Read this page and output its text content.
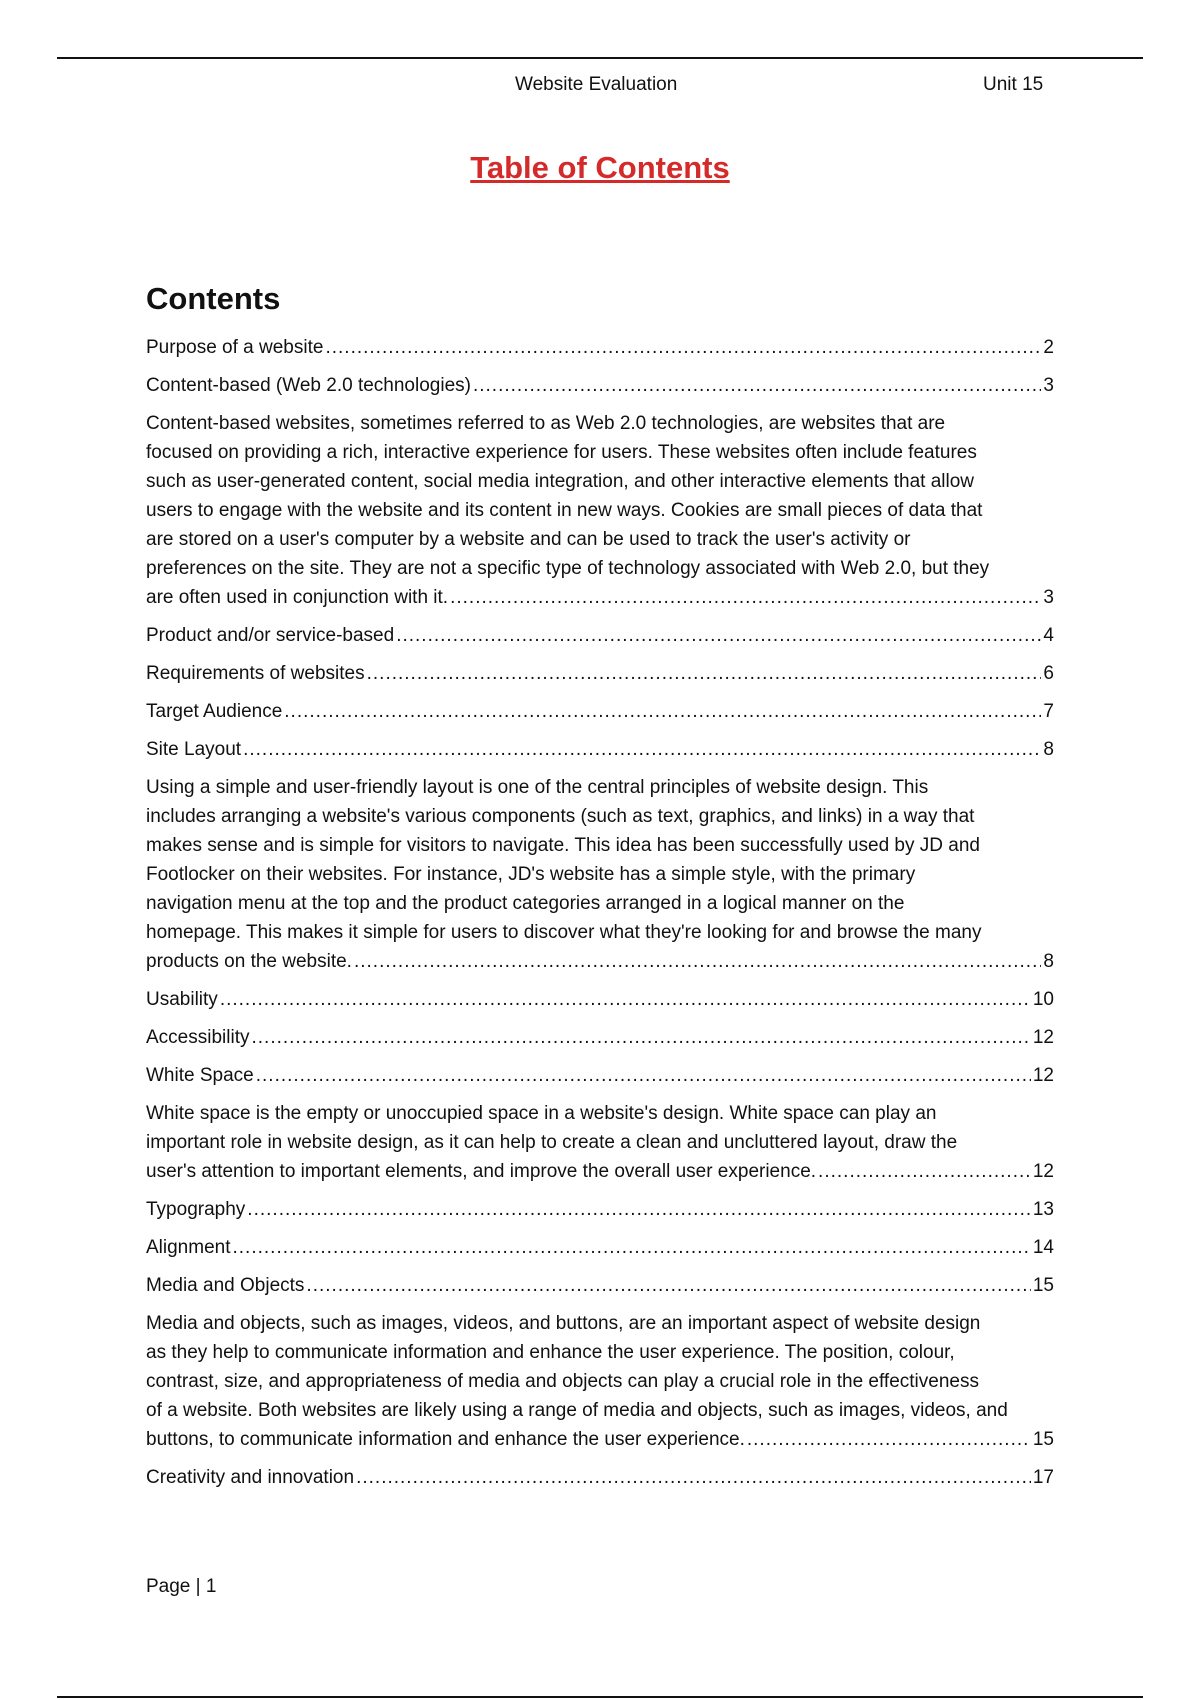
Website Evaluation	Unit 15
Table of Contents
Contents
Purpose of a website .....	2
Content-based (Web 2.0 technologies) .....	3
Content-based websites, sometimes referred to as Web 2.0 technologies, are websites that are
focused on providing a rich, interactive experience for users. These websites often include features
such as user-generated content, social media integration, and other interactive elements that allow
users to engage with the website and its content in new ways. Cookies are small pieces of data that
are stored on a user's computer by a website and can be used to track the user's activity or
preferences on the site. They are not a specific type of technology associated with Web 2.0, but they
are often used in conjunction with it. .....	3
Product and/or service-based .....	4
Requirements of websites .....	6
Target Audience .....	7
Site Layout .....	8
Using a simple and user-friendly layout is one of the central principles of website design. This
includes arranging a website's various components (such as text, graphics, and links) in a way that
makes sense and is simple for visitors to navigate. This idea has been successfully used by JD and
Footlocker on their websites. For instance, JD's website has a simple style, with the primary
navigation menu at the top and the product categories arranged in a logical manner on the
homepage. This makes it simple for users to discover what they're looking for and browse the many
products on the website. .....	8
Usability .....	10
Accessibility .....	12
White Space .....	12
White space is the empty or unoccupied space in a website's design. White space can play an
important role in website design, as it can help to create a clean and uncluttered layout, draw the
user's attention to important elements, and improve the overall user experience. .....	12
Typography .....	13
Alignment .....	14
Media and Objects .....	15
Media and objects, such as images, videos, and buttons, are an important aspect of website design
as they help to communicate information and enhance the user experience. The position, colour,
contrast, size, and appropriateness of media and objects can play a crucial role in the effectiveness
of a website. Both websites are likely using a range of media and objects, such as images, videos, and
buttons, to communicate information and enhance the user experience. .....	15
Creativity and innovation .....	17
Page | 1
